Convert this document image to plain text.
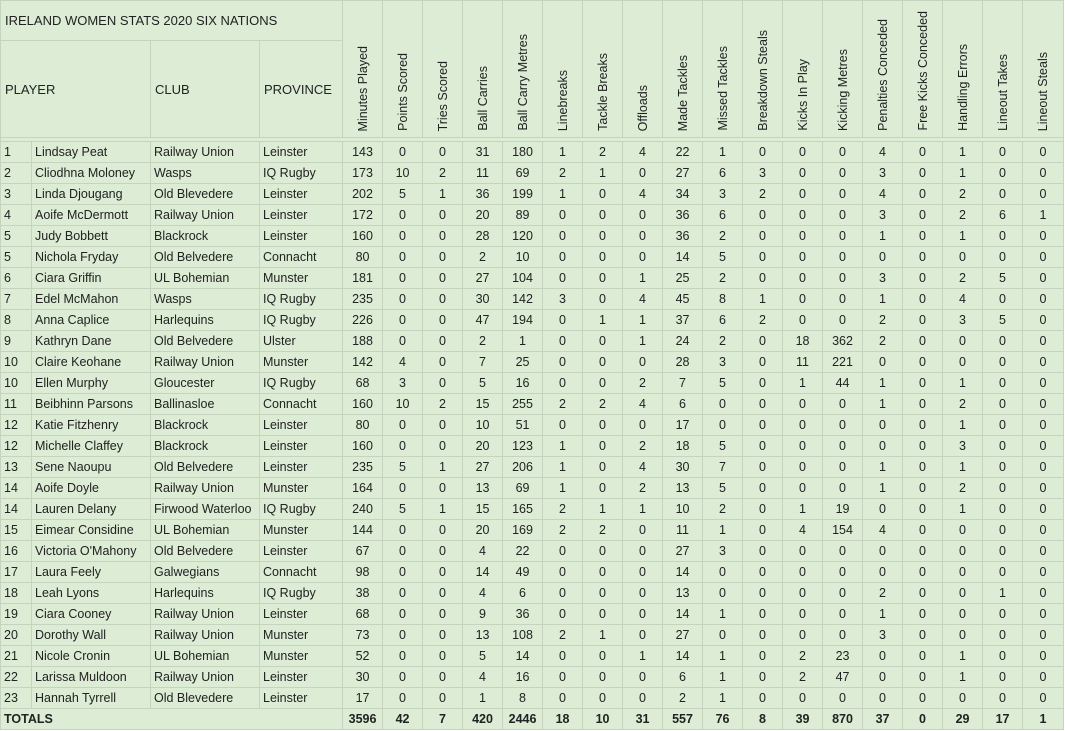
IRELAND WOMEN STATS 2020 SIX NATIONS				Minutes Played	Points Scored	Tries Scored	Ball Carries	Ball Carry Metres	Linebreaks	Tackle Breaks	Offloads	Made Tackles	Missed Tackles	Breakdown Steals	Kicks In Play	Kicking Metres	Penalties Conceded	Free Kicks Conceded	Handling Errors	Lineout Takes	Lineout Steals
PLAYER		CLUB	PROVINCE																		

1	Lindsay Peat	Railway Union	Leinster	143	0	0	31	180	1	2	4	22	1	0	0	0	4	0	1	0	0
2	Cliodhna Moloney	Wasps	IQ Rugby	173	10	2	11	69	2	1	0	27	6	3	0	0	3	0	1	0	0
3	Linda Djougang	Old Blevedere	Leinster	202	5	1	36	199	1	0	4	34	3	2	0	0	4	0	2	0	0
4	Aoife McDermott	Railway Union	Leinster	172	0	0	20	89	0	0	0	36	6	0	0	0	3	0	2	6	1
5	Judy Bobbett	Blackrock	Leinster	160	0	0	28	120	0	0	0	36	2	0	0	0	1	0	1	0	0
5	Nichola Fryday	Old Belvedere	Connacht	80	0	0	2	10	0	0	0	14	5	0	0	0	0	0	0	0	0
6	Ciara Griffin	UL Bohemian	Munster	181	0	0	27	104	0	0	1	25	2	0	0	0	3	0	2	5	0
7	Edel McMahon	Wasps	IQ Rugby	235	0	0	30	142	3	0	4	45	8	1	0	0	1	0	4	0	0
8	Anna Caplice	Harlequins	IQ Rugby	226	0	0	47	194	0	1	1	37	6	2	0	0	2	0	3	5	0
9	Kathryn Dane	Old Belvedere	Ulster	188	0	0	2	1	0	0	1	24	2	0	18	362	2	0	0	0	0
10	Claire Keohane	Railway Union	Munster	142	4	0	7	25	0	0	0	28	3	0	11	221	0	0	0	0	0
10	Ellen Murphy	Gloucester	IQ Rugby	68	3	0	5	16	0	0	2	7	5	0	1	44	1	0	1	0	0
11	Beibhinn Parsons	Ballinasloe	Connacht	160	10	2	15	255	2	2	4	6	0	0	0	0	1	0	2	0	0
12	Katie Fitzhenry	Blackrock	Leinster	80	0	0	10	51	0	0	0	17	0	0	0	0	0	0	1	0	0
12	Michelle Claffey	Blackrock	Leinster	160	0	0	20	123	1	0	2	18	5	0	0	0	0	0	3	0	0
13	Sene Naoupu	Old Belvedere	Leinster	235	5	1	27	206	1	0	4	30	7	0	0	0	1	0	1	0	0
14	Aoife Doyle	Railway Union	Munster	164	0	0	13	69	1	0	2	13	5	0	0	0	1	0	2	0	0
14	Lauren Delany	Firwood Waterloo	IQ Rugby	240	5	1	15	165	2	1	1	10	2	0	1	19	0	0	1	0	0
15	Eimear Considine	UL Bohemian	Munster	144	0	0	20	169	2	2	0	11	1	0	4	154	4	0	0	0	0
16	Victoria O'Mahony	Old Belvedere	Leinster	67	0	0	4	22	0	0	0	27	3	0	0	0	0	0	0	0	0
17	Laura Feely	Galwegians	Connacht	98	0	0	14	49	0	0	0	14	0	0	0	0	0	0	0	0	0
18	Leah Lyons	Harlequins	IQ Rugby	38	0	0	4	6	0	0	0	13	0	0	0	0	2	0	0	1	0
19	Ciara Cooney	Railway Union	Leinster	68	0	0	9	36	0	0	0	14	1	0	0	0	1	0	0	0	0
20	Dorothy Wall	Railway Union	Munster	73	0	0	13	108	2	1	0	27	0	0	0	0	3	0	0	0	0
21	Nicole Cronin	UL Bohemian	Munster	52	0	0	5	14	0	0	1	14	1	0	2	23	0	0	1	0	0
22	Larissa Muldoon	Railway Union	Leinster	30	0	0	4	16	0	0	0	6	1	0	2	47	0	0	1	0	0
23	Hannah Tyrrell	Old Blevedere	Leinster	17	0	0	1	8	0	0	0	2	1	0	0	0	0	0	0	0	0
TOTALS				3596	42	7	420	2446	18	10	31	557	76	8	39	870	37	0	29	17	1
